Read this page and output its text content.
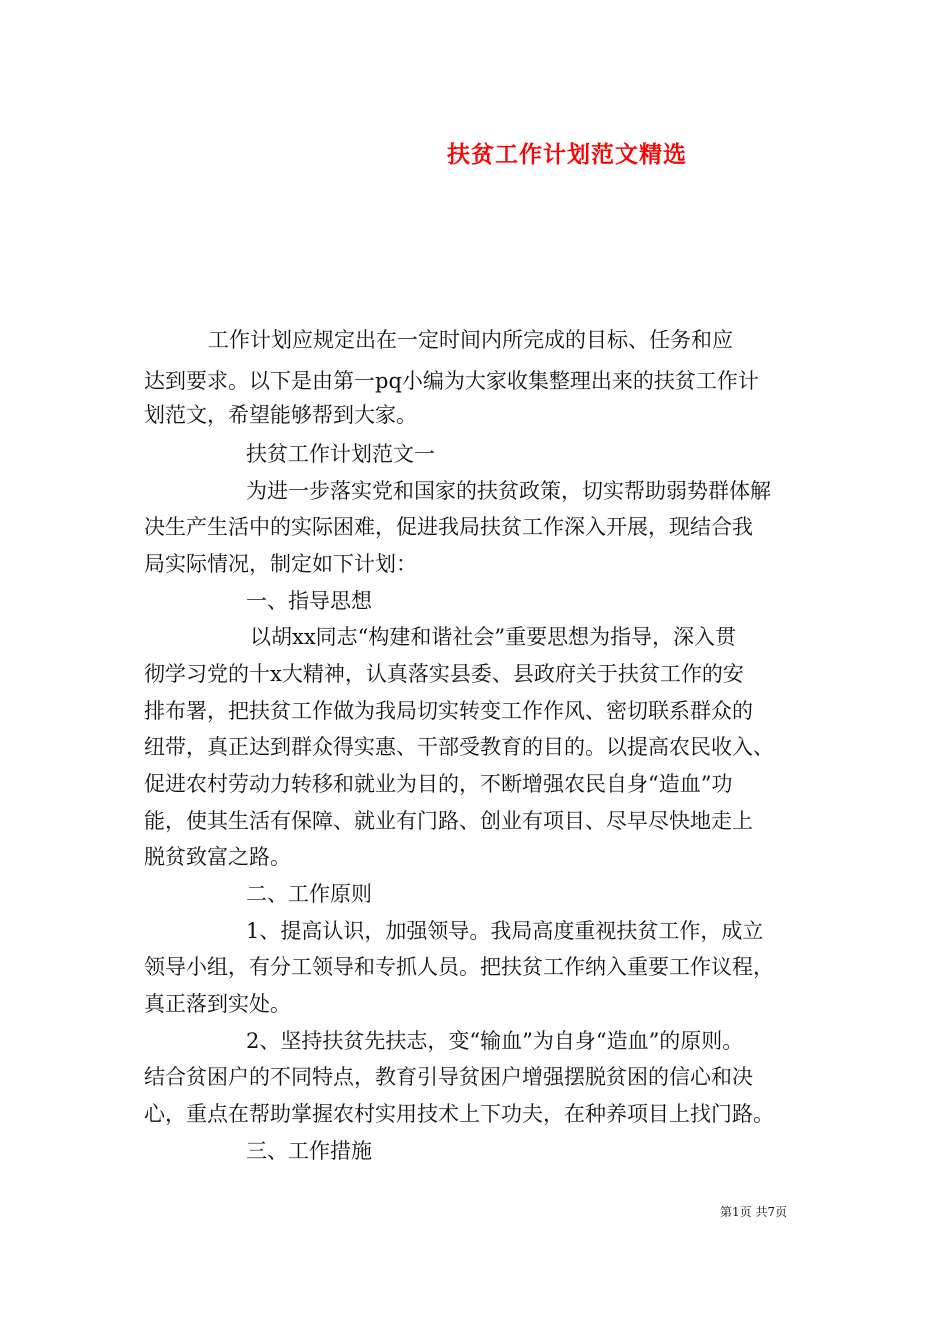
扶贫工作计划范文精选
工作计划应规定出在一定时间内所完成的目标、任务和应
达到要求。以下是由第一pq小编为大家收集整理出来的扶贫工作计
划范文，希望能够帮到大家。
扶贫工作计划范文一
为进一步落实党和国家的扶贫政策，切实帮助弱势群体解
决生产生活中的实际困难，促进我局扶贫工作深入开展，现结合我
局实际情况，制定如下计划：
一、指导思想
以胡xx同志“构建和谐社会”重要思想为指导，深入贯
彻学习党的十x大精神，认真落实县委、县政府关于扶贫工作的安
排布署，把扶贫工作做为我局切实转变工作作风、密切联系群众的
纽带，真正达到群众得实惠、干部受教育的目的。以提高农民收入、
促进农村劳动力转移和就业为目的，不断增强农民自身“造血”功
能，使其生活有保障、就业有门路、创业有项目、尽早尽快地走上
脱贫致富之路。
二、工作原则
1、提高认识，加强领导。我局高度重视扶贫工作，成立
领导小组，有分工领导和专抓人员。把扶贫工作纳入重要工作议程，
真正落到实处。
2、坚持扶贫先扶志，变“输血”为自身“造血”的原则。
结合贫困户的不同特点，教育引导贫困户增强摆脱贫困的信心和决
心，重点在帮助掌握农村实用技术上下功夫，在种养项目上找门路。
三、工作措施
第1页 共7页
